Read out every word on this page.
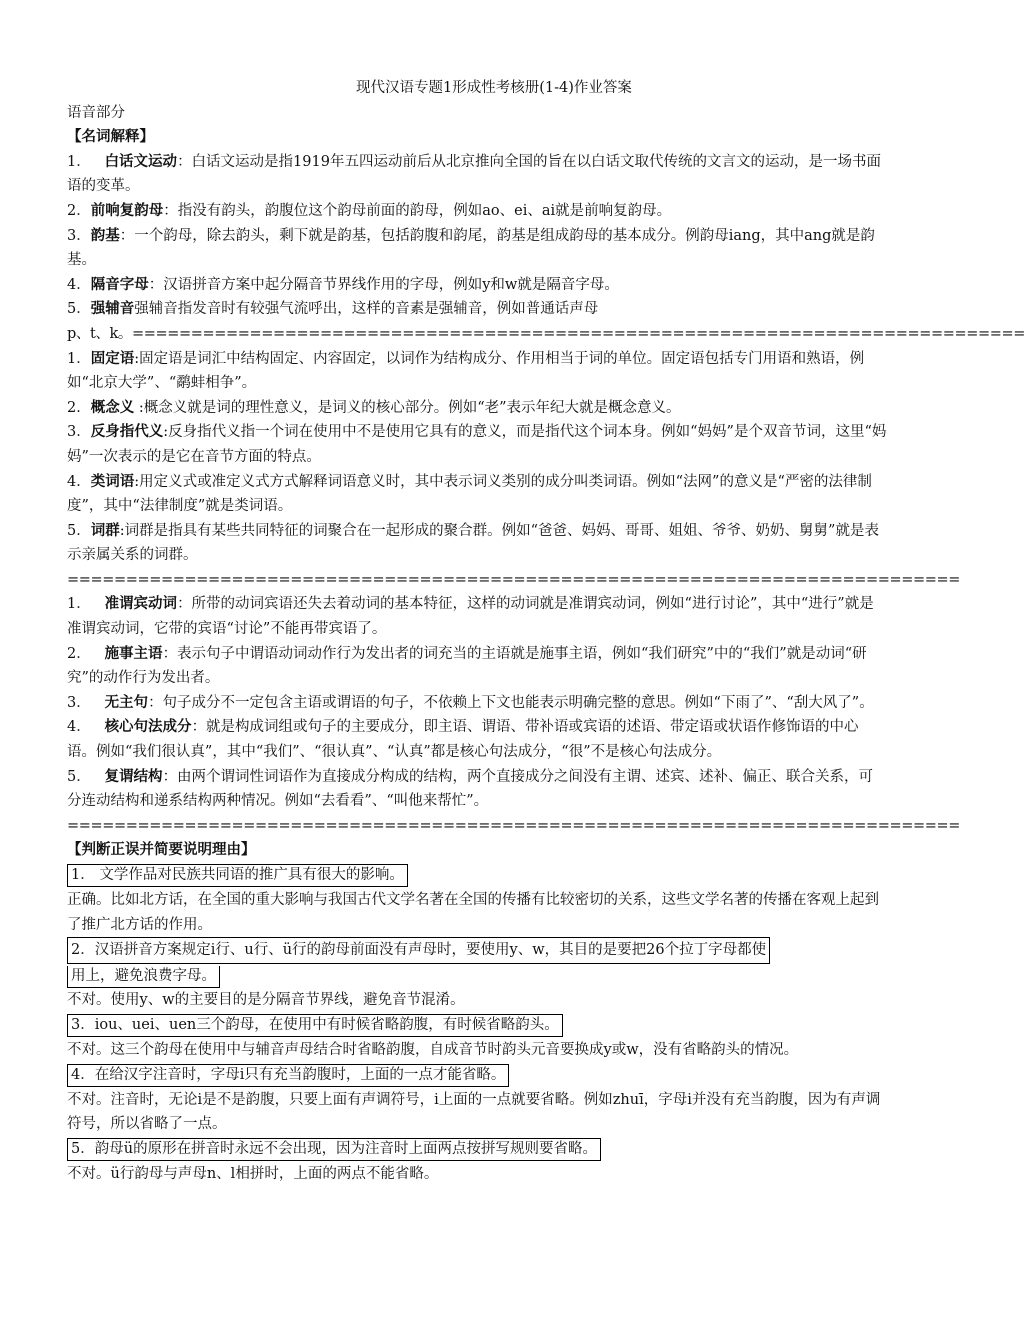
现代汉语专题1形成性考核册(1-4)作业答案
语音部分
【名词解释】
1． 白话文运动：白话文运动是指1919年五四运动前后从北京推向全国的旨在以白话文取代传统的文言文的运动，是一场书面语的变革。
2．前响复韵母：指没有韵头，韵腹位这个韵母前面的韵母，例如ao、ei、ai就是前响复韵母。
3．韵基：一个韵母，除去韵头，剩下就是韵基，包括韵腹和韵尾，韵基是组成韵母的基本成分。例韵母iang，其中ang就是韵基。
4．隔音字母：汉语拼音方案中起分隔音节界线作用的字母，例如y和w就是隔音字母。
5．强辅音强辅音指发音时有较强气流呼出，这样的音素是强辅音，例如普通话声母
p、t、k。============================================================================
1．固定语:固定语是词汇中结构固定、内容固定，以词作为结构成分、作用相当于词的单位。固定语包括专门用语和熟语，例如“北京大学”、“鹬蚌相争”。
2．概念义 :概念义就是词的理性意义，是词义的核心部分。例如“老”表示年纪大就是概念意义。
3．反身指代义:反身指代义指一个词在使用中不是使用它具有的意义，而是指代这个词本身。例如“妈妈”是个双音节词，这里“妈妈”一次表示的是它在音节方面的特点。
4．类词语:用定义式或准定义式方式解释词语意义时，其中表示词义类别的成分叫类词语。例如“法网”的意义是“严密的法律制度”，其中“法律制度”就是类词语。
5．词群:词群是指具有某些共同特征的词聚合在一起形成的聚合群。例如“爸爸、妈妈、哥哥、姐姐、爷爷、奶奶、舅舅”就是表示亲属关系的词群。
============================================================================
1． 准谓宾动词：所带的动词宾语还失去着动词的基本特征，这样的动词就是准谓宾动词，例如“进行讨论”，其中“进行”就是准谓宾动词，它带的宾语“讨论”不能再带宾语了。
2． 施事主语：表示句子中谓语动词动作行为发出者的词充当的主语就是施事主语，例如“我们研究”中的“我们”就是动词“研究”的动作行为发出者。
3． 无主句：句子成分不一定包含主语或谓语的句子，不依赖上下文也能表示明确完整的意思。例如“下雨了”、“刮大风了”。
4． 核心句法成分：就是构成词组或句子的主要成分，即主语、谓语、带补语或宾语的述语、带定语或状语作修饰语的中心语。例如“我们很认真”，其中“我们”、“很认真”、“认真”都是核心句法成分，“很”不是核心句法成分。
5． 复谓结构：由两个谓词性词语作为直接成分构成的结构，两个直接成分之间没有主谓、述宾、述补、偏正、联合关系，可分连动结构和递系结构两种情况。例如“去看看”、“叫他来帮忙”。
============================================================================
【判断正误并简要说明理由】
1． 文学作品对民族共同语的推广具有很大的影响。
正确。比如北方话，在全国的重大影响与我国古代文学名著在全国的传播有比较密切的关系，这些文学名著的传播在客观上起到了推广北方话的作用。
2．汉语拼音方案规定i行、u行、ü行的韵母前面没有声母时，要使用y、w，其目的是要把26个拉丁字母都使
用上，避免浪费字母。
不对。使用y、w的主要目的是分隔音节界线，避免音节混淆。
3．iou、uei、uen三个韵母，在使用中有时候省略韵腹，有时候省略韵头。
不对。这三个韵母在使用中与辅音声母结合时省略韵腹，自成音节时韵头元音要换成y或w，没有省略韵头的情况。
4．在给汉字注音时，字母i只有充当韵腹时，上面的一点才能省略。
不对。注音时，无论i是不是韵腹，只要上面有声调符号，i上面的一点就要省略。例如zhuī，字母i并没有充当韵腹，因为有声调符号，所以省略了一点。
5．韵母ü的原形在拼音时永远不会出现，因为注音时上面两点按拼写规则要省略。
不对。ü行韵母与声母n、l相拼时，上面的两点不能省略。
